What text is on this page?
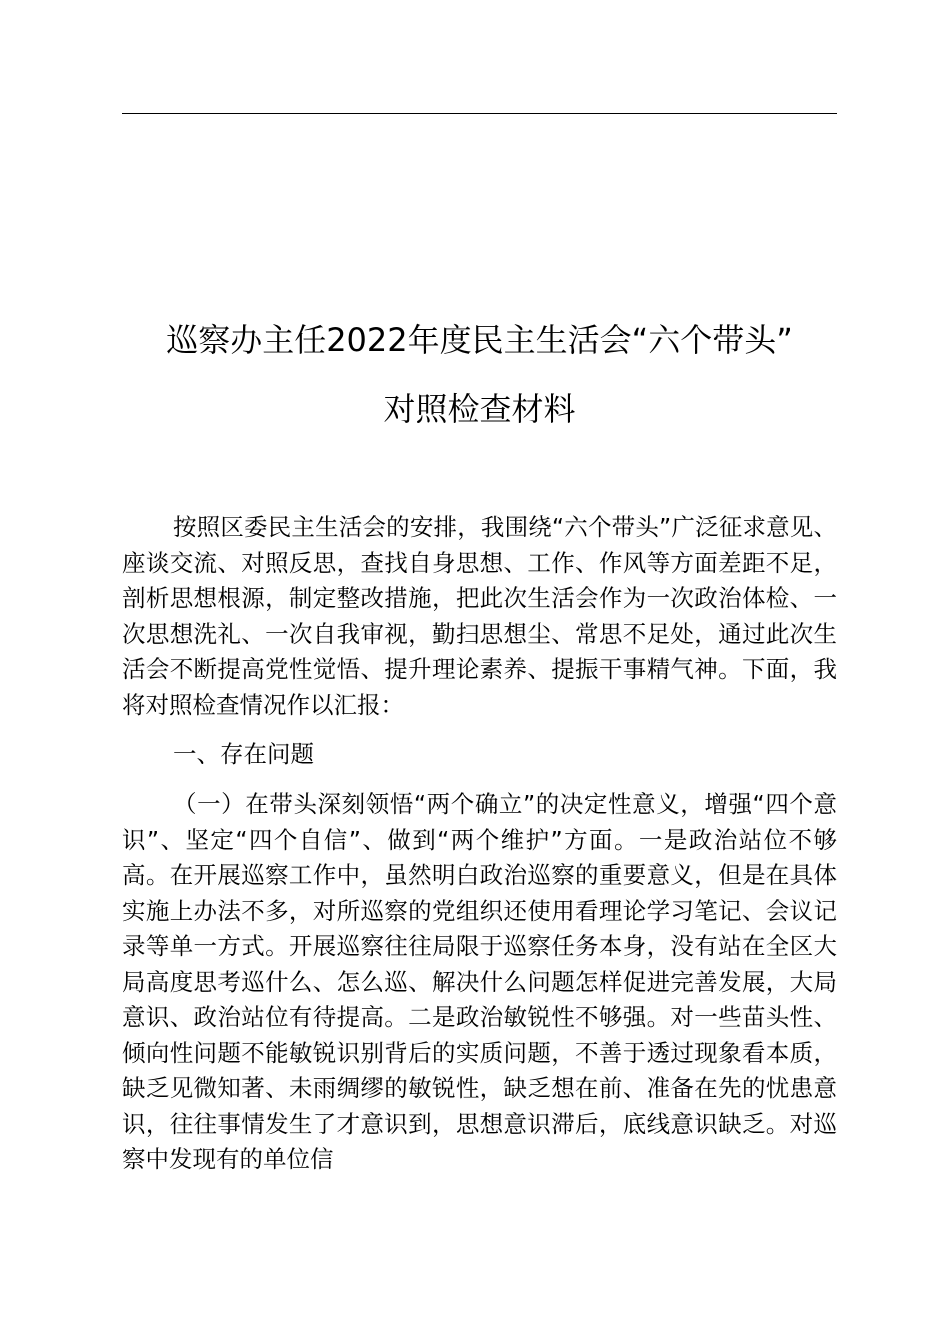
巡察办主任2022年度民主生活会“六个带头”
对照检查材料
按照区委民主生活会的安排，我围绕“六个带头”广泛征求意见、座谈交流、对照反思，查找自身思想、工作、作风等方面差距不足，剖析思想根源，制定整改措施，把此次生活会作为一次政治体检、一次思想洗礼、一次自我审视，勤扫思想尘、常思不足处，通过此次生活会不断提高党性觉悟、提升理论素养、提振干事精气神。下面，我将对照检查情况作以汇报：
一、存在问题
（一）在带头深刻领悟“两个确立”的决定性意义，增强“四个意识”、坚定“四个自信”、做到“两个维护”方面。一是政治站位不够高。在开展巡察工作中，虽然明白政治巡察的重要意义，但是在具体实施上办法不多，对所巡察的党组织还使用看理论学习笔记、会议记录等单一方式。开展巡察往往局限于巡察任务本身，没有站在全区大局高度思考巡什么、怎么巡、解决什么问题怎样促进完善发展，大局意识、政治站位有待提高。二是政治敏锐性不够强。对一些苗头性、倾向性问题不能敏锐识别背后的实质问题，不善于透过现象看本质，缺乏见微知著、未雨绸缪的敏锐性，缺乏想在前、准备在先的忧患意识，往往事情发生了才意识到，思想意识滞后，底线意识缺乏。对巡察中发现有的单位信
